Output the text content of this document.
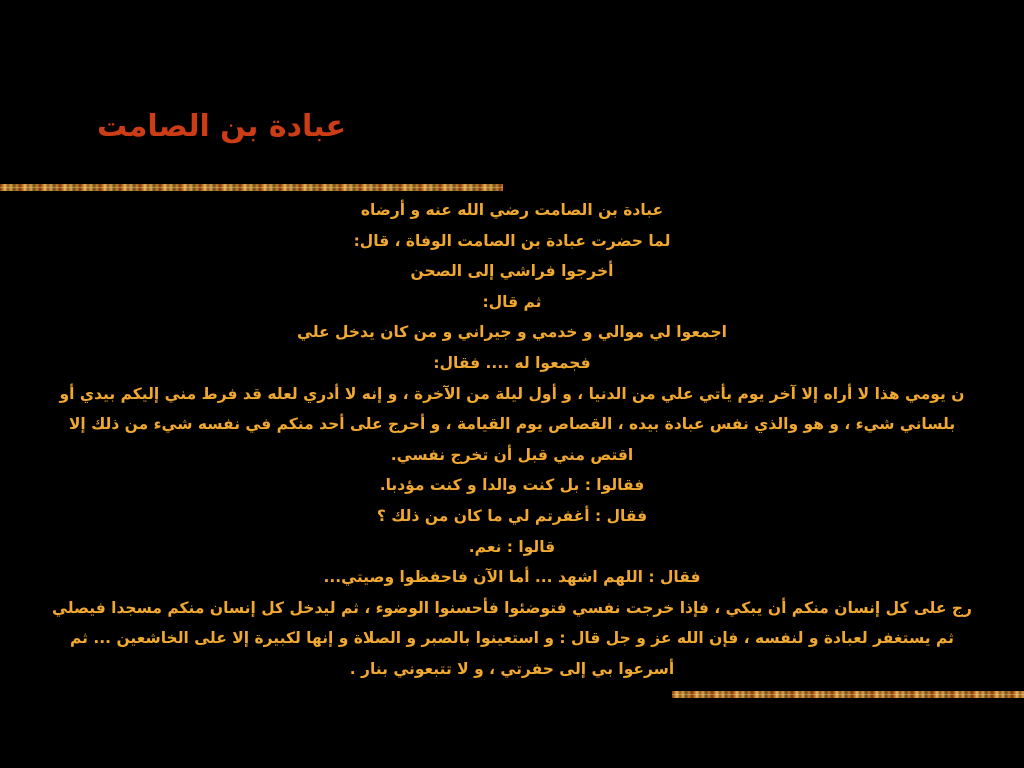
عبادة بن الصامت
عبادة بن الصامت رضي الله عنه و أرضاه
لما حضرت عبادة بن الصامت الوفاة ، قال:
أخرجوا فراشي إلى الصحن
ثم قال:
اجمعوا لي موالي و خدمي و جيراني و من كان يدخل علي
فجمعوا له .... فقال:
ن يومي هذا لا أراه إلا آخر يوم يأتي علي من الدنيا ، و أول ليلة من الآخرة ، و إنه لا أدري لعله قد فرط مني إليكم بيدي أو
بلساني شيء ، و هو والذي نفس عبادة بيده ، القصاص يوم القيامة ، و أحرج على أحد منكم في نفسه شيء من ذلك إلا
اقتص مني قبل أن تخرج نفسي.
فقالوا : بل كنت والدا و كنت مؤدبا.
فقال : أغفرتم لي ما كان من ذلك ؟
قالوا : نعم.
فقال : اللهم اشهد ... أما الآن فاحفظوا وصيتي...
رج على كل إنسان منكم أن يبكي ، فإذا خرجت نفسي فتوضئوا فأحسنوا الوضوء ، ثم ليدخل كل إنسان منكم مسجدا فيصلي
ثم يستغفر لعبادة و لنفسه ، فإن الله عز و جل قال : و استعينوا بالصبر و الصلاة و إنها لكبيرة إلا على الخاشعين ... ثم
أسرعوا بي إلى حفرتي ، و لا تتبعوني بنار .
